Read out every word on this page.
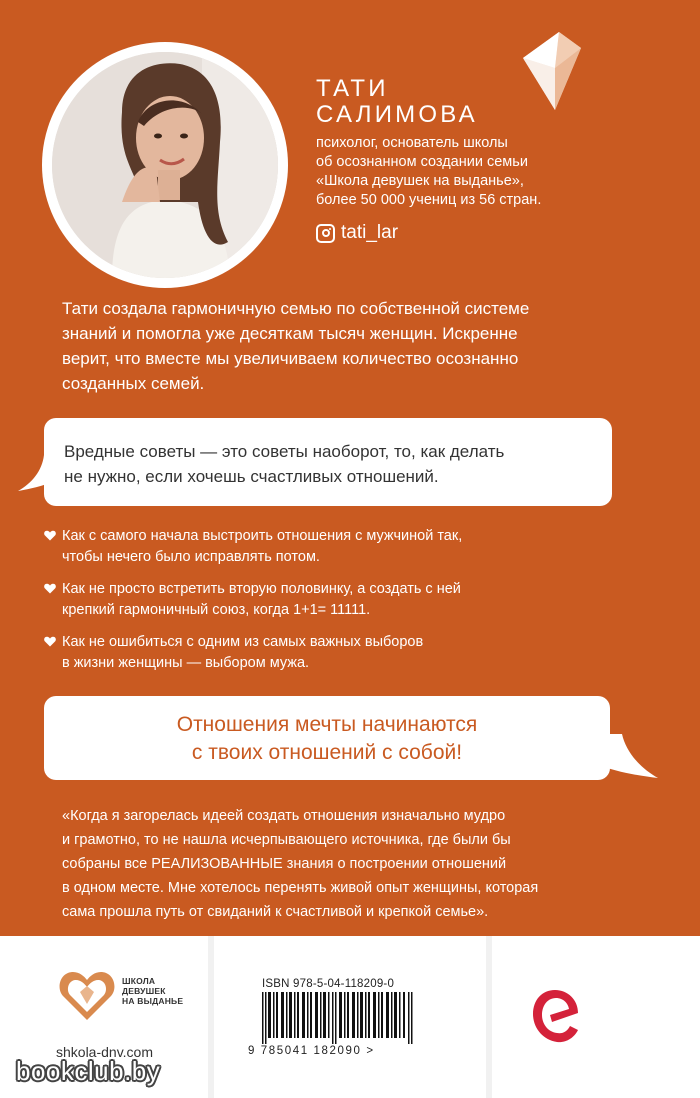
ТАТИ
САЛИМОВА
психолог, основатель школы
об осознанном создании семьи
«Школа девушек на выданье»,
более 50 000 учениц из 56 стран.
tati_lar
Тати создала гармоничную семью по собственной системе
знаний и помогла уже десяткам тысяч женщин. Искренне
верит, что вместе мы увеличиваем количество осознанно
созданных семей.
Вредные советы — это советы наоборот, то, как делать
не нужно, если хочешь счастливых отношений.
Как с самого начала выстроить отношения с мужчиной так,
чтобы нечего было исправлять потом.
Как не просто встретить вторую половинку, а создать с ней
крепкий гармоничный союз, когда 1+1= 11111.
Как не ошибиться с одним из самых важных выборов
в жизни женщины — выбором мужа.
Отношения мечты начинаются
с твоих отношений с собой!
«Когда я загорелась идеей создать отношения изначально мудро
и грамотно, то не нашла исчерпывающего источника, где были бы
собраны все РЕАЛИЗОВАННЫЕ знания о построении отношений
в одном месте. Мне хотелось перенять живой опыт женщины, которая
сама прошла путь от свиданий к счастливой и крепкой семье».
ШКОЛА
ДЕВУШЕК
НА ВЫДАНЬЕ
shkola-dnv.com
ISBN 978-5-04-118209-0
9 785041 182090 >
bookclub.by
